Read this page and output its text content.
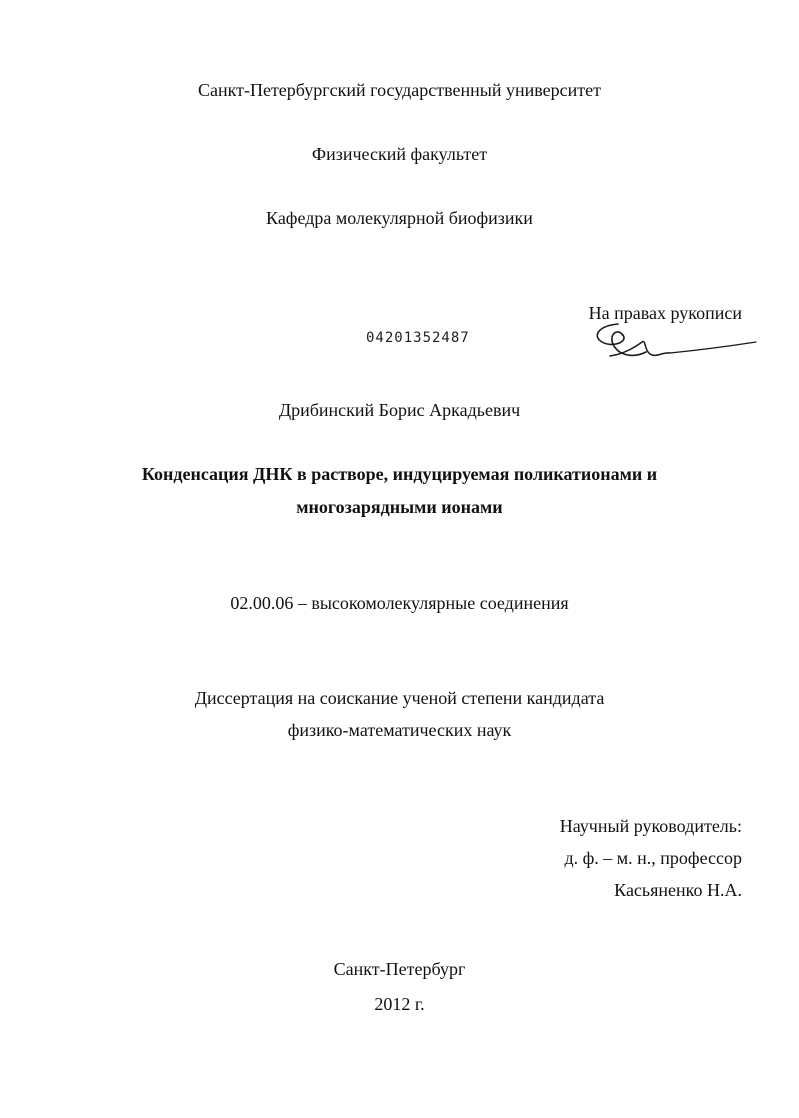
Санкт-Петербургский государственный университет
Физический факультет
Кафедра молекулярной биофизики
На правах рукописи
04201352487
Дрибинский Борис Аркадьевич
Конденсация ДНК в растворе, индуцируемая поликатионами и
многозарядными ионами
02.00.06 – высокомолекулярные соединения
Диссертация на соискание ученой степени кандидата
физико-математических наук
Научный руководитель:
д. ф. – м. н., профессор
Касьяненко Н.А.
Санкт-Петербург
2012 г.
